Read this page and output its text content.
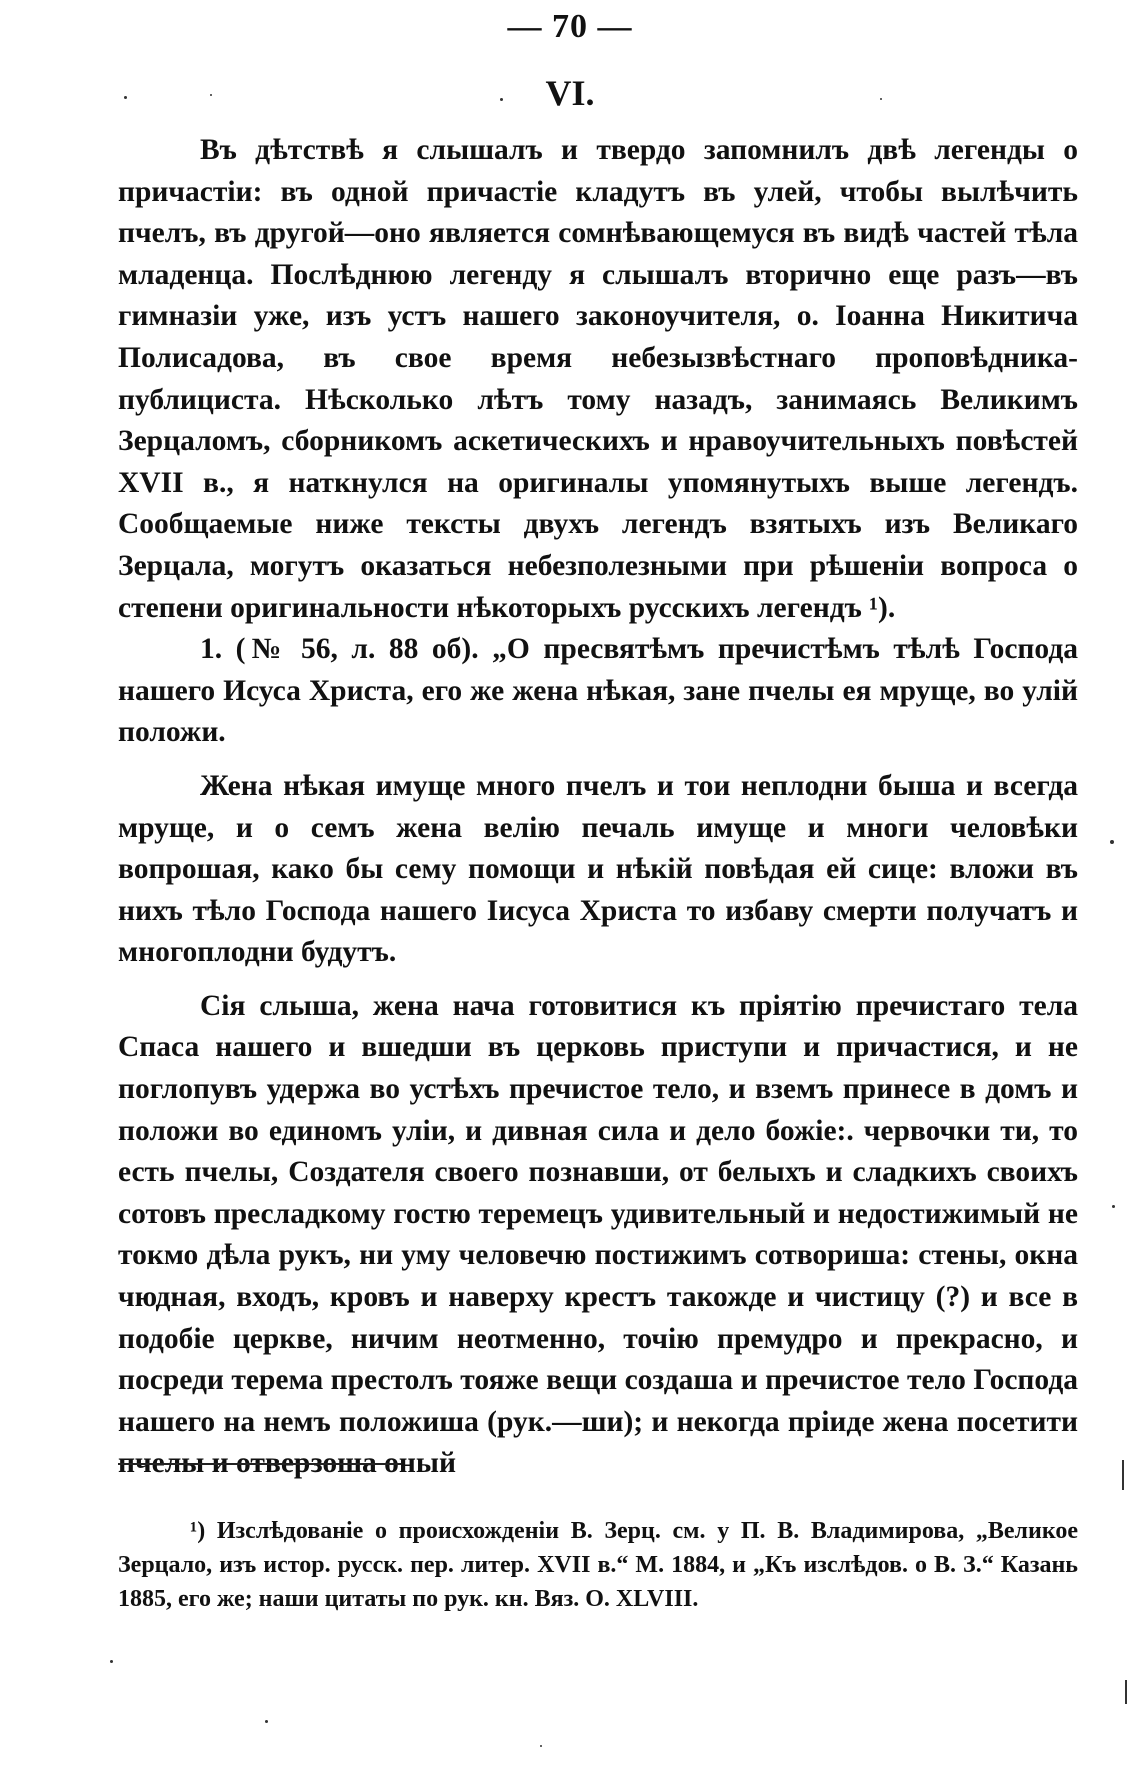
— 70 —
VI.

Въ дѣтствѣ я слышалъ и твердо запомнилъ двѣ легенды о причастіи: въ одной причастіе кладутъ въ улей, чтобы вылѣчить пчелъ, въ другой—оно является сомнѣвающемуся въ видѣ частей тѣла младенца. Послѣднюю легенду я слышалъ вторично еще разъ—въ гимназіи уже, изъ устъ нашего законоучителя, о. Іоанна Никитича Полисадова, въ свое время небезызвѣстнаго проповѣдника-публициста. Нѣсколько лѣтъ тому назадъ, занимаясь Великимъ Зерцаломъ, сборникомъ аскетическихъ и нравоучительныхъ повѣстей XVII в., я наткнулся на оригиналы упомянутыхъ выше легендъ. Сообщаемые ниже тексты двухъ легендъ взятыхъ изъ Великаго Зерцала, могутъ оказаться небезполезными при рѣшеніи вопроса о степени оригинальности нѣкоторыхъ русскихъ легендъ ¹).

1. (№ 56, л. 88 об). „О пресвятѣмъ пречистѣмъ тѣлѣ Господа нашего Исуса Христа, его же жена нѣкая, зане пчелы ея мруще, во улій положи.

Жена нѣкая имуще много пчелъ и тои неплодни быша и всегда мруще, и о семъ жена велію печаль имуще и многи человѣки вопрошая, како бы сему помощи и нѣкій повѣдая ей сице: вложи въ нихъ тѣло Господа нашего Іисуса Христа то избаву смерти получатъ и многоплодни будутъ.

Сія слыша, жена нача готовитися къ пріятію пречистаго тела Спаса нашего и вшедши въ церковь приступи и причастися, и не поглопувъ удержа во устѣхъ пречистое тело, и вземъ принесе в домъ и положи во единомъ уліи, и дивная сила и дело божіе:. червочки ти, то есть пчелы, Создателя своего познавши, от белыхъ и сладкихъ своихъ сотовъ пресладкому гостю теремецъ удивительный и недостижимый не токмо дѣла рукъ, ни уму человечю постижимъ сотвориша: стены, окна чюдная, входъ, кровъ и наверху крестъ такожде и чистицу (?) и все в подобіе церкве, ничим неотменно, точію премудро и прекрасно, и посреди терема престолъ тояже вещи создаша и пречистое тело Господа нашего на немъ положиша (рук.—ши); и некогда пріиде жена посетити пчелы и отверзоша оный

¹) Изслѣдованіе о происхожденіи В. Зерц. см. у П. В. Владимирова, „Великое Зерцало, изъ истор. русск. пер. литер. XVII в.“ М. 1884, и „Къ изслѣдов. о В. З.“ Казань 1885, его же; наши цитаты по рук. кн. Вяз. О. XLVIII.
